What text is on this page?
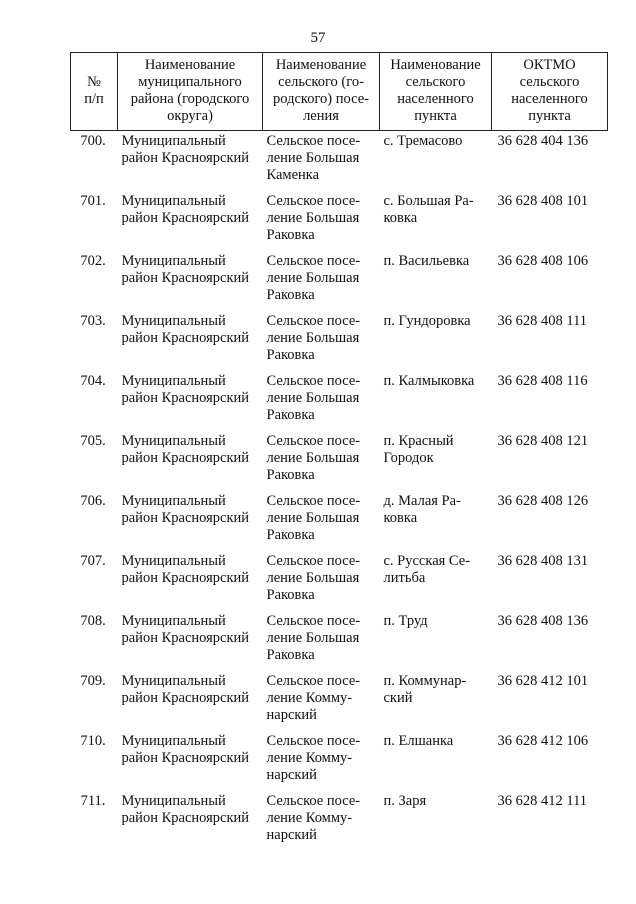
57
№
п/п	Наименование
муниципального
района (городского
округа)	Наименование
сельского (го-
родского) посе-
ления	Наименование
сельского
населенного
пункта	ОКТМО
сельского
населенного
пункта

700.	Муниципальный
район Красноярский	Сельское посе-
ление Большая
Каменка	с. Тремасово	36 628 404 136

701.	Муниципальный
район Красноярский	Сельское посе-
ление Большая
Раковка	с. Большая Ра-
ковка	36 628 408 101

702.	Муниципальный
район Красноярский	Сельское посе-
ление Большая
Раковка	п. Васильевка	36 628 408 106

703.	Муниципальный
район Красноярский	Сельское посе-
ление Большая
Раковка	п. Гундоровка	36 628 408 111

704.	Муниципальный
район Красноярский	Сельское посе-
ление Большая
Раковка	п. Калмыковка	36 628 408 116

705.	Муниципальный
район Красноярский	Сельское посе-
ление Большая
Раковка	п. Красный
Городок	36 628 408 121

706.	Муниципальный
район Красноярский	Сельское посе-
ление Большая
Раковка	д. Малая Ра-
ковка	36 628 408 126

707.	Муниципальный
район Красноярский	Сельское посе-
ление Большая
Раковка	с. Русская Се-
литьба	36 628 408 131

708.	Муниципальный
район Красноярский	Сельское посе-
ление Большая
Раковка	п. Труд	36 628 408 136

709.	Муниципальный
район Красноярский	Сельское посе-
ление Комму-
нарский	п. Коммунар-
ский	36 628 412 101

710.	Муниципальный
район Красноярский	Сельское посе-
ление Комму-
нарский	п. Елшанка	36 628 412 106

711.	Муниципальный
район Красноярский	Сельское посе-
ление Комму-
нарский	п. Заря	36 628 412 111
